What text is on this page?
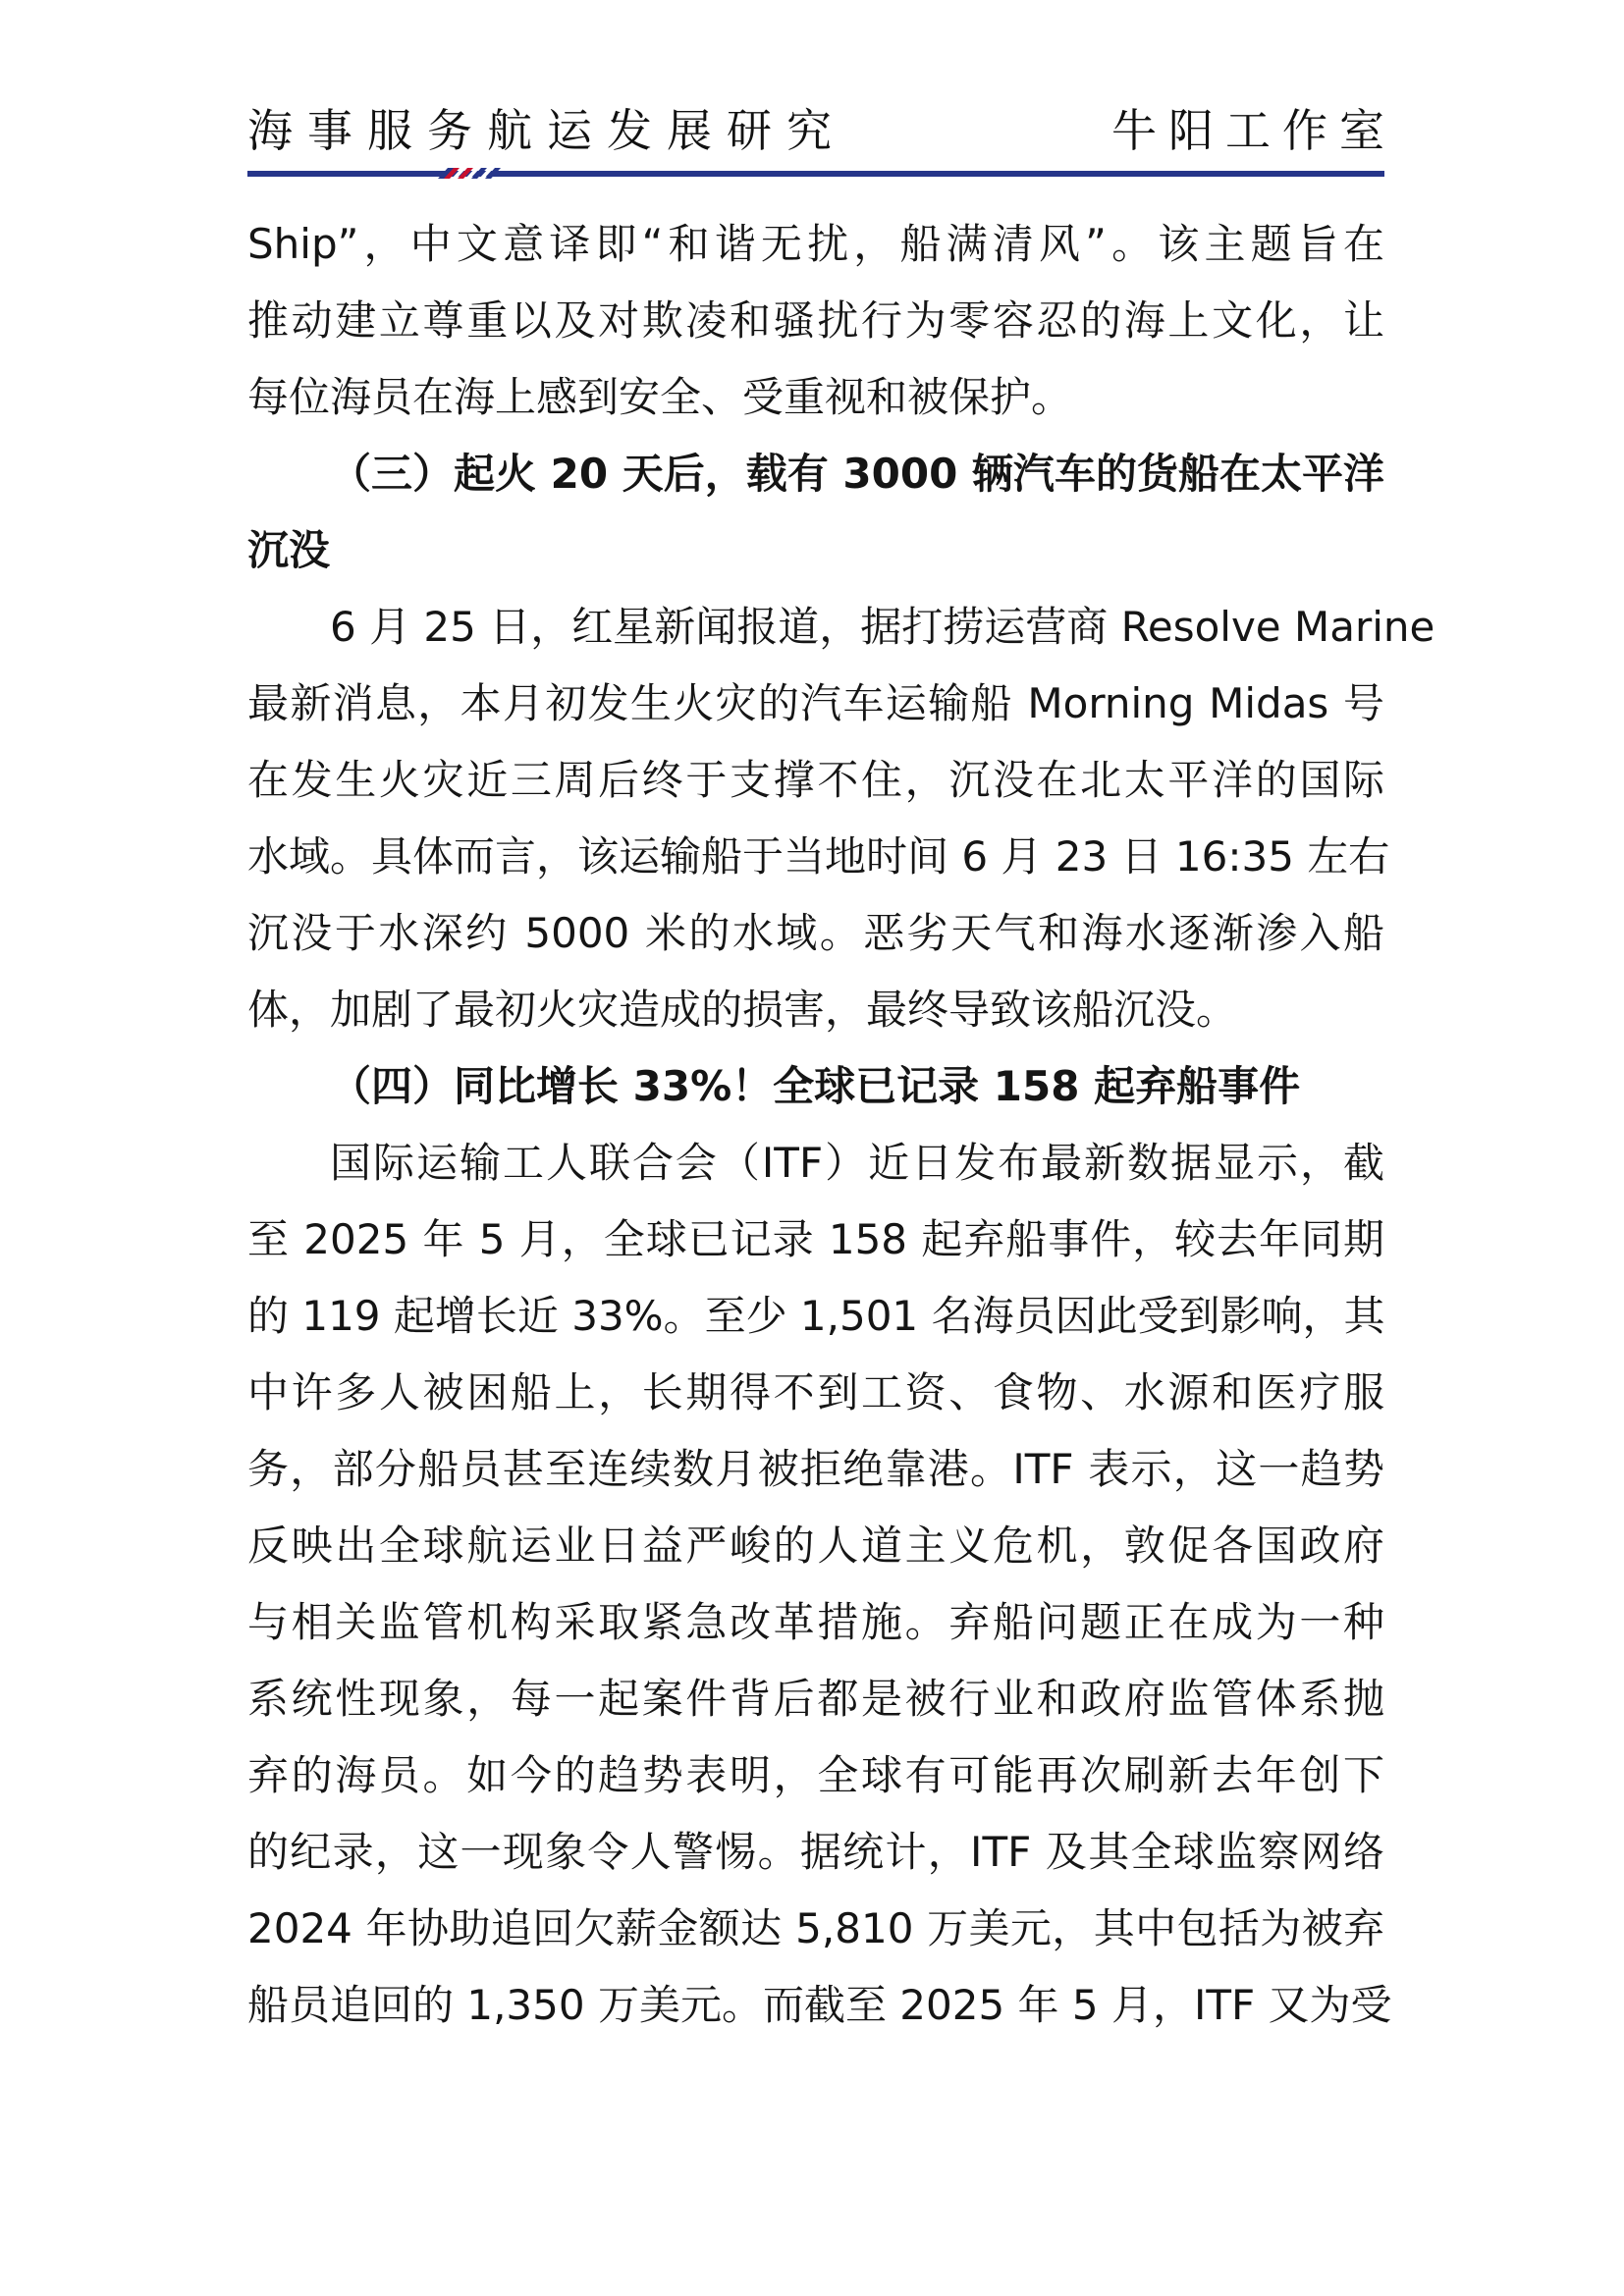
海事服务航运发展研究	牛阳工作室
Ship”，中文意译即“和谐无扰，船满清风”。该主题旨在
推动建立尊重以及对欺凌和骚扰行为零容忍的海上文化，让
每位海员在海上感到安全、受重视和被保护。
（三）起火 20 天后，载有 3000 辆汽车的货船在太平洋
沉没
6 月 25 日，红星新闻报道，据打捞运营商 Resolve Marine
最新消息，本月初发生火灾的汽车运输船 Morning Midas 号
在发生火灾近三周后终于支撑不住，沉没在北太平洋的国际
水域。具体而言，该运输船于当地时间 6 月 23 日 16:35 左右
沉没于水深约 5000 米的水域。恶劣天气和海水逐渐渗入船
体，加剧了最初火灾造成的损害，最终导致该船沉没。
（四）同比增长 33%！全球已记录 158 起弃船事件
国际运输工人联合会（ITF）近日发布最新数据显示，截
至 2025 年 5 月，全球已记录 158 起弃船事件，较去年同期
的 119 起增长近 33%。至少 1,501 名海员因此受到影响，其
中许多人被困船上，长期得不到工资、食物、水源和医疗服
务，部分船员甚至连续数月被拒绝靠港。ITF 表示，这一趋势
反映出全球航运业日益严峻的人道主义危机，敦促各国政府
与相关监管机构采取紧急改革措施。弃船问题正在成为一种
系统性现象，每一起案件背后都是被行业和政府监管体系抛
弃的海员。如今的趋势表明，全球有可能再次刷新去年创下
的纪录，这一现象令人警惕。据统计，ITF 及其全球监察网络
2024 年协助追回欠薪金额达 5,810 万美元，其中包括为被弃
船员追回的 1,350 万美元。而截至 2025 年 5 月，ITF 又为受
